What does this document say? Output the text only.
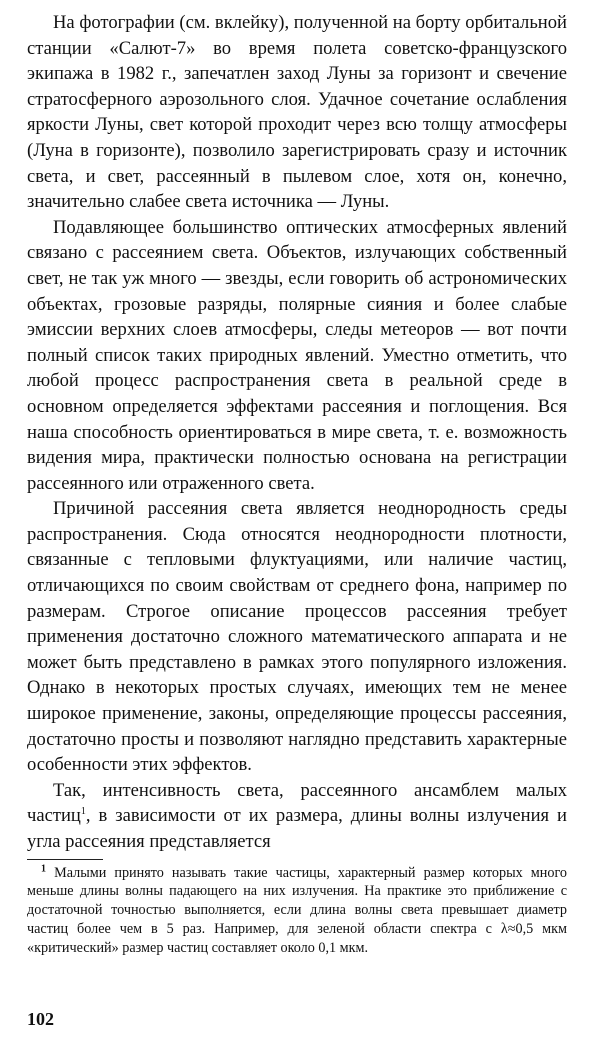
На фотографии (см. вклейку), полученной на борту орбитальной станции «Салют-7» во время полета советско-французского экипажа в 1982 г., запечатлен заход Луны за горизонт и свечение стратосферного аэрозольного слоя. Удачное сочетание ослабления яркости Луны, свет которой проходит через всю толщу атмосферы (Луна в горизонте), позволило зарегистрировать сразу и источник света, и свет, рассеянный в пылевом слое, хотя он, конечно, значительно слабее света источника — Луны.

Подавляющее большинство оптических атмосферных явлений связано с рассеянием света. Объектов, излучающих собственный свет, не так уж много — звезды, если говорить об астрономических объектах, грозовые разряды, полярные сияния и более слабые эмиссии верхних слоев атмосферы, следы метеоров — вот почти полный список таких природных явлений. Уместно отметить, что любой процесс распространения света в реальной среде в основном определяется эффектами рассеяния и поглощения. Вся наша способность ориентироваться в мире света, т. е. возможность видения мира, практически полностью основана на регистрации рассеянного или отраженного света.

Причиной рассеяния света является неоднородность среды распространения. Сюда относятся неоднородности плотности, связанные с тепловыми флуктуациями, или наличие частиц, отличающихся по своим свойствам от среднего фона, например по размерам. Строгое описание процессов рассеяния требует применения достаточно сложного математического аппарата и не может быть представлено в рамках этого популярного изложения. Однако в некоторых простых случаях, имеющих тем не менее широкое применение, законы, определяющие процессы рассеяния, достаточно просты и позволяют наглядно представить характерные особенности этих эффектов.

Так, интенсивность света, рассеянного ансамблем малых частиц$^1$, в зависимости от их размера, длины волны излучения и угла рассеяния представляется

$^1$ Малыми принято называть такие частицы, характерный размер которых много меньше длины волны падающего на них излучения. На практике это приближение с достаточной точностью выполняется, если длина волны света превышает диаметр частиц более чем в 5 раз. Например, для зеленой области спектра с λ≈0,5 мкм «критический» размер частиц составляет около 0,1 мкм.

102
